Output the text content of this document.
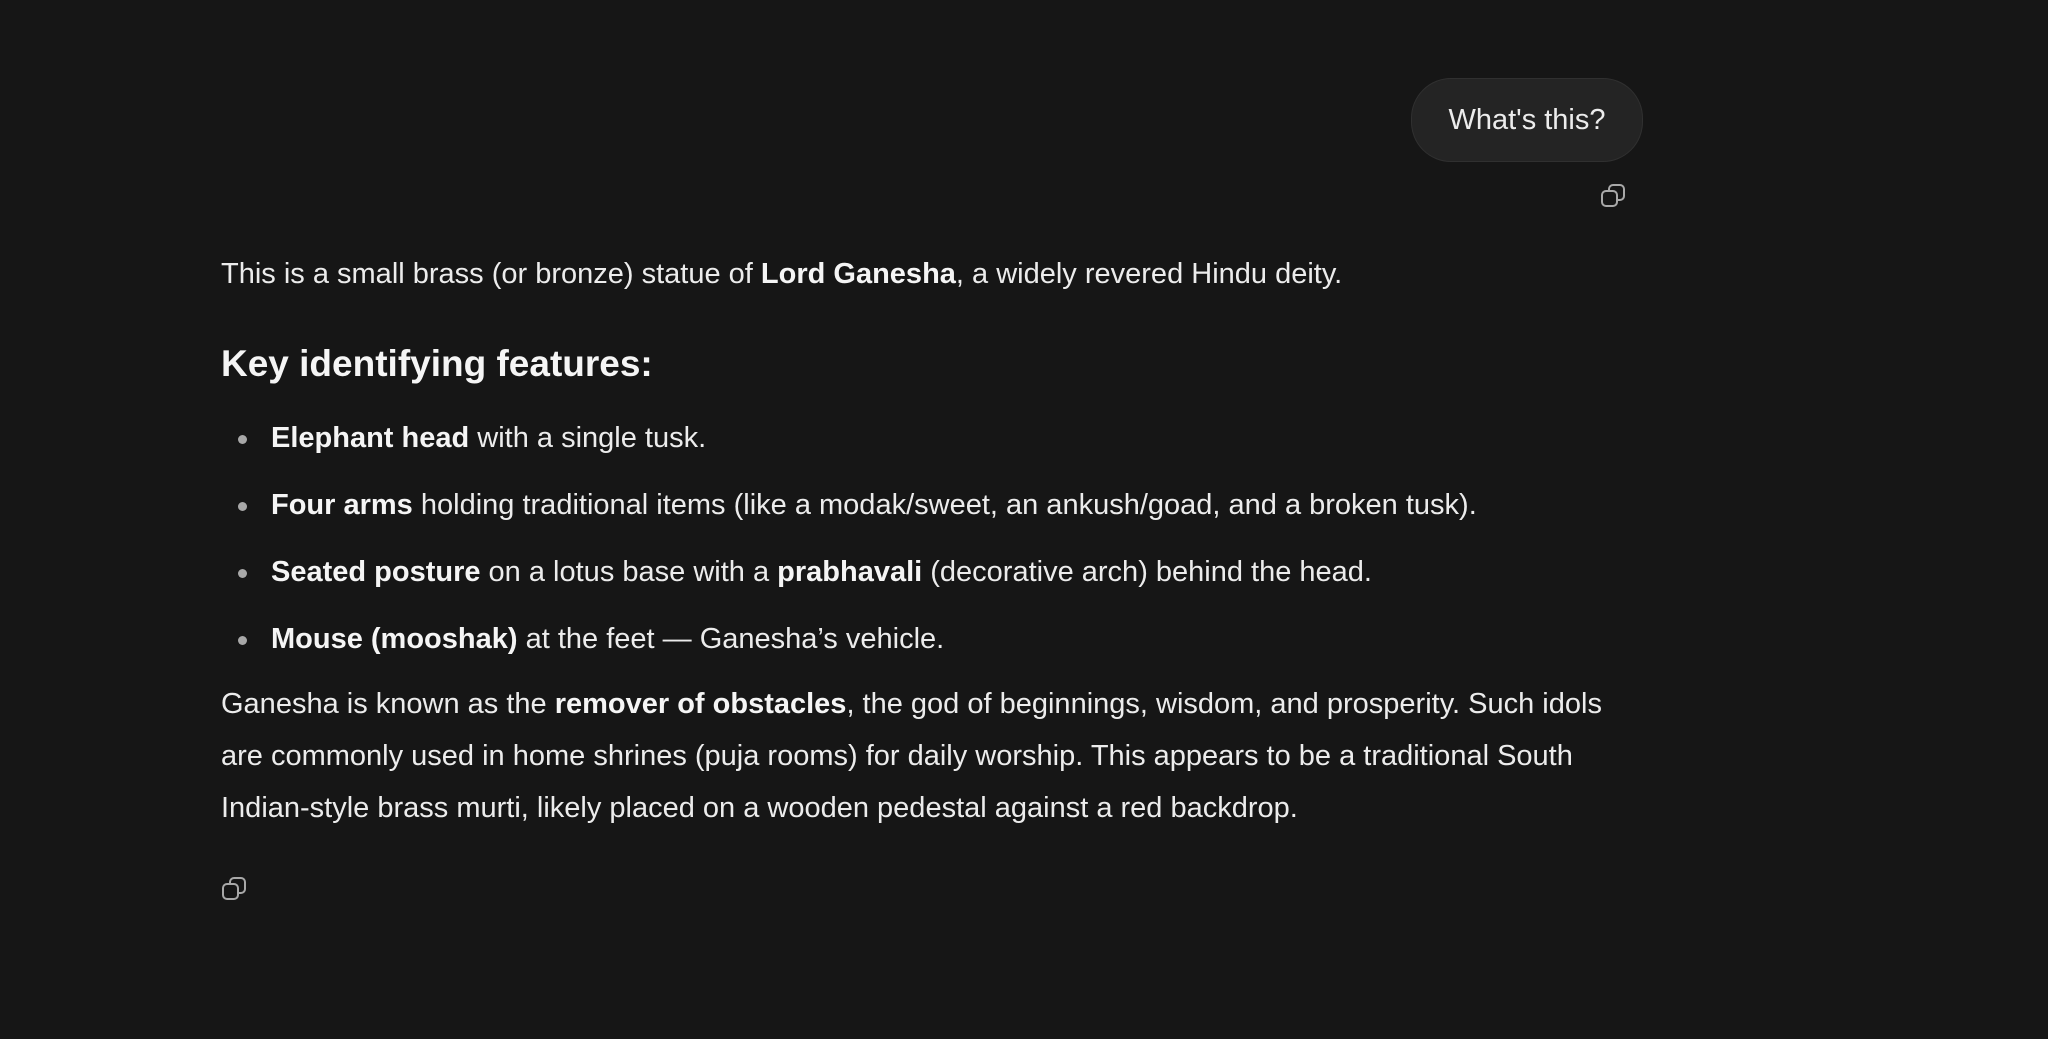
What's this?

This is a small brass (or bronze) statue of Lord Ganesha, a widely revered Hindu deity.

Key identifying features:
Elephant head with a single tusk.
Four arms holding traditional items (like a modak/sweet, an ankush/goad, and a broken tusk).
Seated posture on a lotus base with a prabhavali (decorative arch) behind the head.
Mouse (mooshak) at the feet — Ganesha’s vehicle.

Ganesha is known as the remover of obstacles, the god of beginnings, wisdom, and prosperity. Such idols are commonly used in home shrines (puja rooms) for daily worship. This appears to be a traditional South Indian-style brass murti, likely placed on a wooden pedestal against a red backdrop.
